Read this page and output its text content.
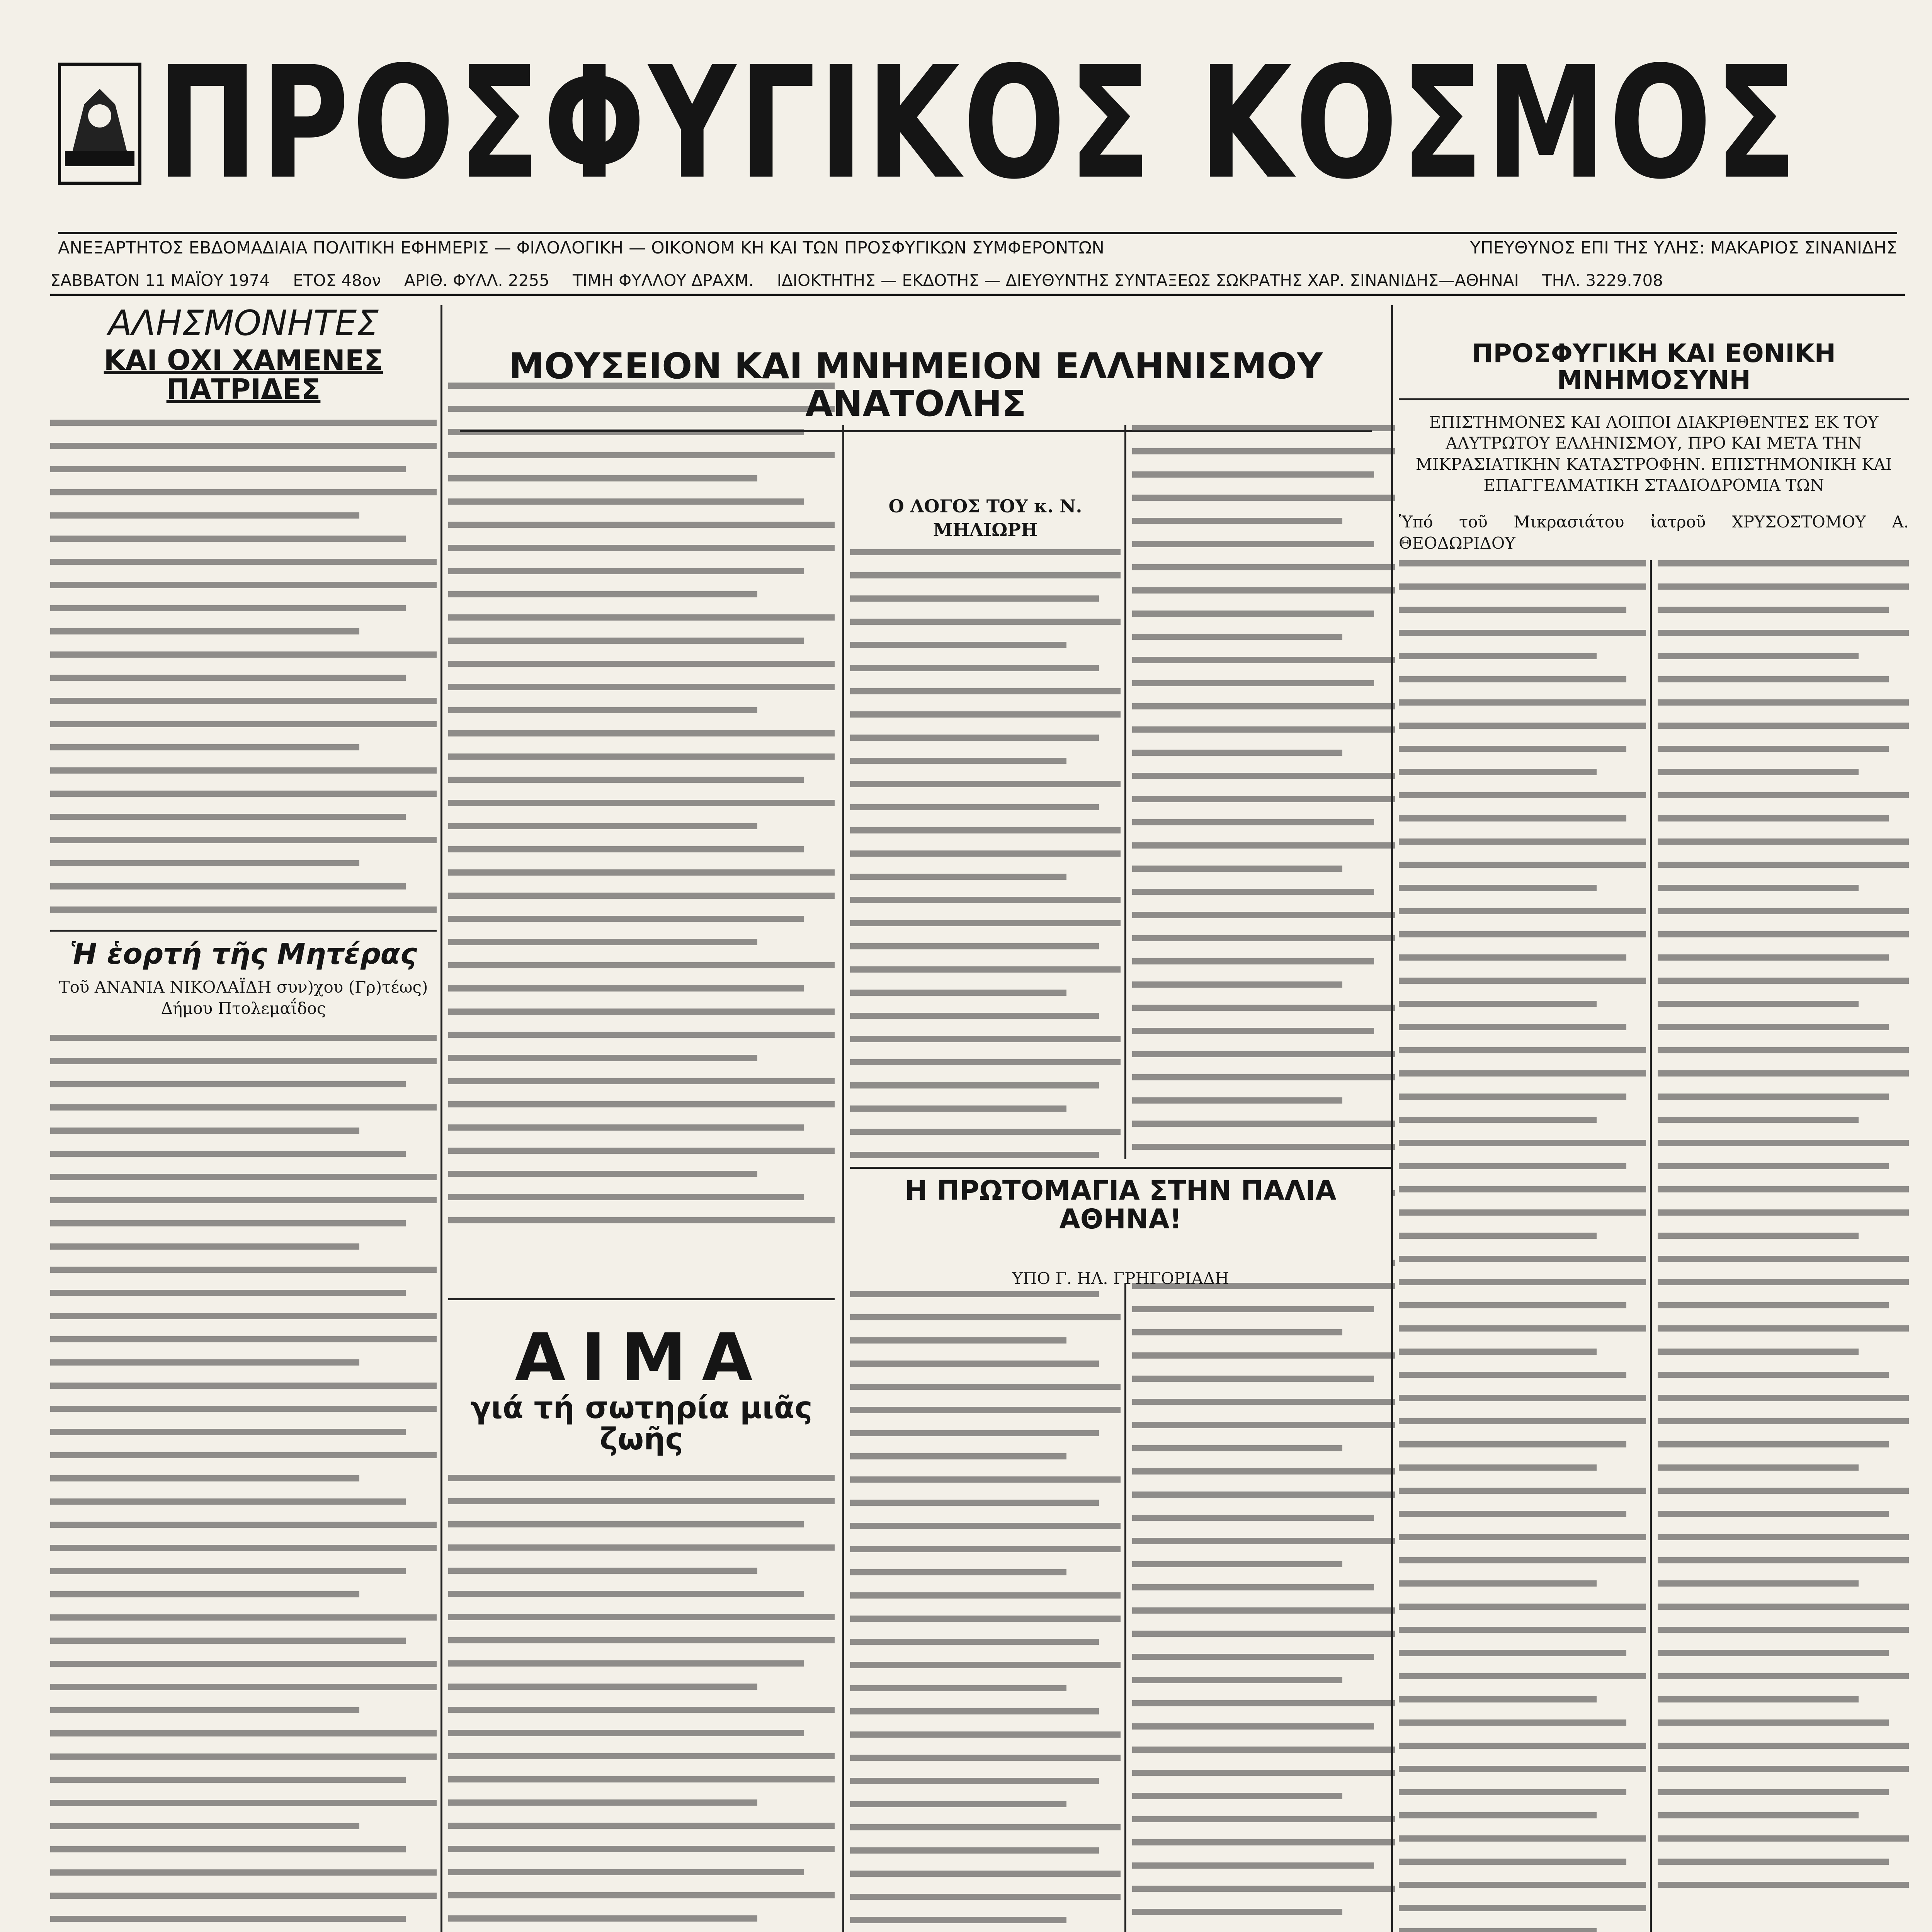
ΠΡΟΣΦΥΓΙΚΟΣ ΚΟΣΜΟΣ
ΑΝΕΞΑΡΤΗΤΟΣ ΕΒΔΟΜΑΔΙΑΙΑ ΠΟΛΙΤΙΚΗ ΕΦΗΜΕΡΙΣ — ΦΙΛΟΛΟΓΙΚΗ — ΟΙΚΟΝΟΜ ΚΗ ΚΑΙ ΤΩΝ ΠΡΟΣΦΥΓΙΚΩΝ ΣΥΜΦΕΡΟΝΤΩΝ	ΥΠΕΥΘΥΝΟΣ ΕΠΙ ΤΗΣ ΥΛΗΣ: ΜΑΚΑΡΙΟΣ ΣΙΝΑΝΙΔΗΣ
ΣΑΒΒΑΤΟΝ 11 ΜΑΪΟΥ 1974 ΕΤΟΣ 48ον ΑΡΙΘ. ΦΥΛΛ. 2255 ΤΙΜΗ ΦΥΛΛΟΥ ΔΡΑΧΜ. ΙΔΙΟΚΤΗΤΗΣ — ΕΚΔΟΤΗΣ — ΔΙΕΥΘΥΝΤΗΣ ΣΥΝΤΑΞΕΩΣ ΣΩΚΡΑΤΗΣ ΧΑΡ. ΣΙΝΑΝΙΔΗΣ—ΑΘΗΝΑΙ ΤΗΛ. 3229.708
ΑΛΗΣΜΟΝΗΤΕΣ
ΚΑΙ ΟΧΙ ΧΑΜΕΝΕΣ ΠΑΤΡΙΔΕΣ
Ἡ ἑορτή τῆς Μητέρας
Τοῦ ΑΝΑΝΙΑ ΝΙΚΟΛΑΪΔΗ συν)χου (Γρ)τέως) Δήμου Πτολεμαΐδος
ΑΙΜΑ
γιά τή σωτηρία μιᾶς ζωῆς
ΜΟΥΣΕΙΟΝ ΚΑΙ ΜΝΗΜΕΙΟΝ ΕΛΛΗΝΙΣΜΟΥ ΑΝΑΤΟΛΗΣ
Ο ΛΟΓΟΣ ΤΟΥ κ. Ν. ΜΗΛΙΩΡΗ
Η ΠΡΩΤΟΜΑΓΙΑ ΣΤΗΝ ΠΑΛΙΑ ΑΘΗΝΑ!
ΥΠΟ Γ. ΗΛ. ΓΡΗΓΟΡΙΑΔΗ
ΠΡΟΣΦΥΓΙΚΗ ΚΑΙ ΕΘΝΙΚΗ ΜΝΗΜΟΣΥΝΗ
ΕΠΙΣΤΗΜΟΝΕΣ ΚΑΙ ΛΟΙΠΟΙ ΔΙΑΚΡΙΘΕΝΤΕΣ ΕΚ ΤΟΥ ΑΛΥΤΡΩΤΟΥ ΕΛΛΗΝΙΣΜΟΥ, ΠΡΟ ΚΑΙ ΜΕΤΑ ΤΗΝ ΜΙΚΡΑΣΙΑΤΙΚΗΝ ΚΑΤΑΣΤΡΟΦΗΝ. ΕΠΙΣΤΗΜΟΝΙΚΗ ΚΑΙ ΕΠΑΓΓΕΛΜΑΤΙΚΗ ΣΤΑΔΙΟΔΡΟΜΙΑ ΤΩΝ
Ὑπό τοῦ Μικρασιάτου ἰατροῦ ΧΡΥΣΟΣΤΟΜΟΥ Α. ΘΕΟΔΩΡΙΔΟΥ
